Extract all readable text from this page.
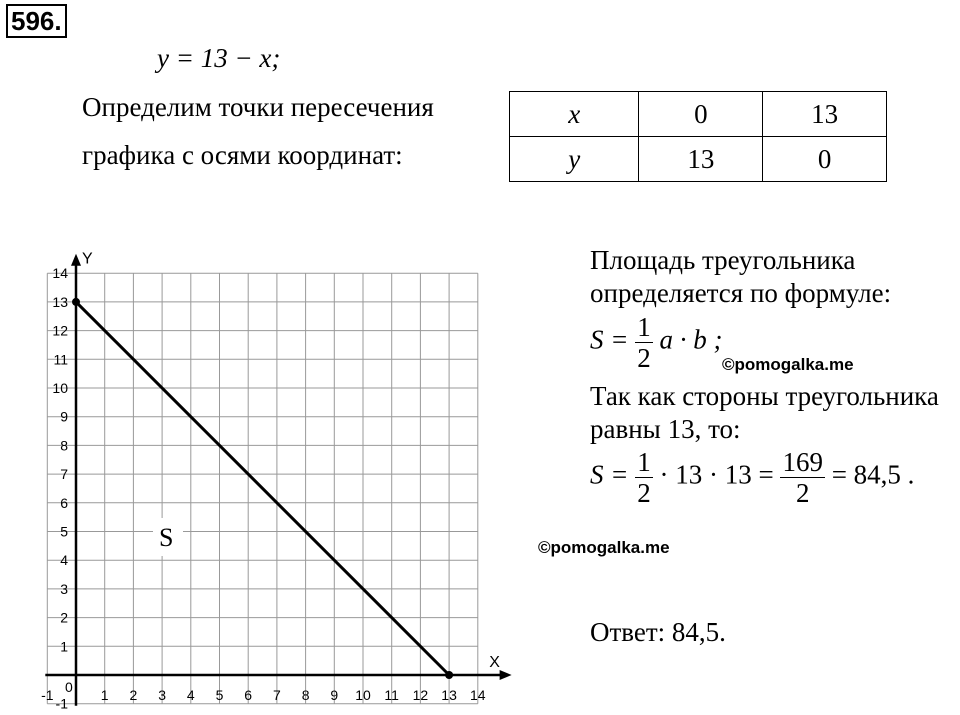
596.
y = 13 − x;
Определим точки пересечения
графика с осями координат:
x	0	13
y	13	0
X
Y
-1 0 1 2 3 4 5 6 7 8 9 10 11 12 13 14
-1
1
2
3
4
5
6
7
8
9
10
11
12
13
14
S
Площадь треугольника
определяется по формуле:
$S = \frac{1}{2}$ a · b ;
©pomogalka.me
Так как стороны треугольника
равны 13, то:
$S = \frac{1}{2} \cdot 13 \cdot 13 = \frac{169}{2} = 84,5$ .
©pomogalka.me
Ответ: 84,5.
